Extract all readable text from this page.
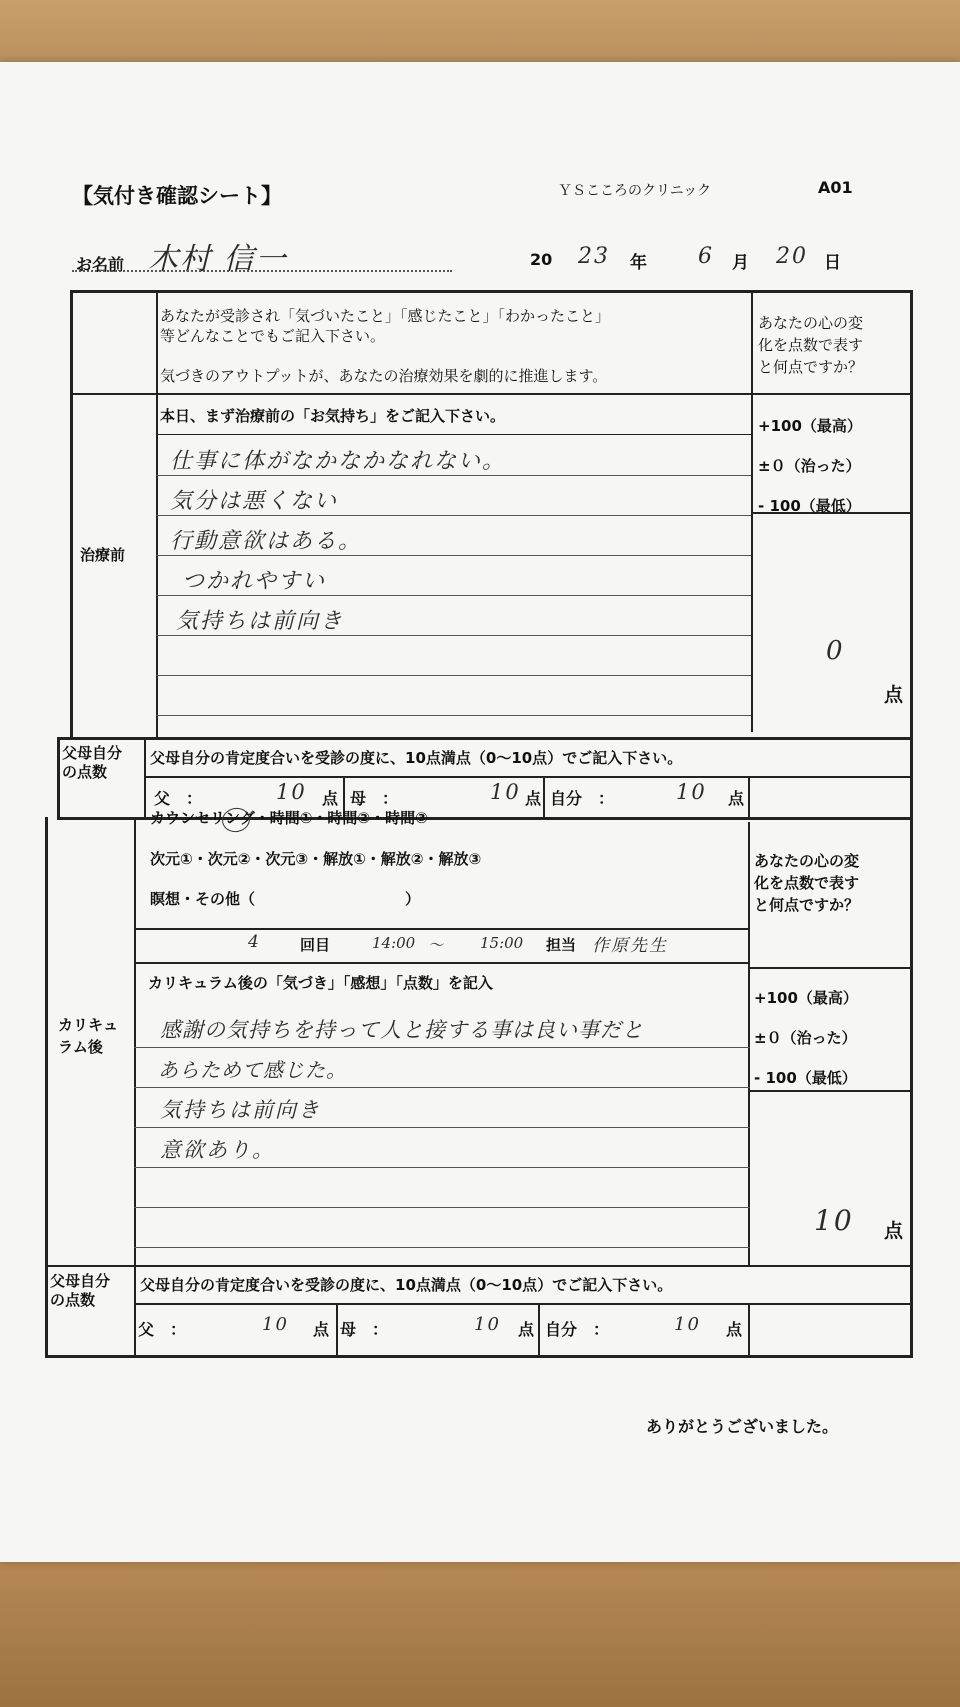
【気付き確認シート】	ＹＳこころのクリニック	A01
お名前 木村 信一	20 23 年 6 月 20 日
あなたが受診され「気づいたこと」「感じたこと」「わかったこと」
等どんなことでもご記入下さい。
気づきのアウトプットが、あなたの治療効果を劇的に推進します。
あなたの心の変
化を点数で表す
と何点ですか？
治療前
本日、まず治療前の「お気持ち」をご記入下さい。
仕事に体がなかなかなれない。
気分は悪くない
行動意欲はある。
つかれやすい
気持ちは前向き
+100（最高）
±０（治った）
- 100（最低）
0
点
父母自分
の点数
父母自分の肯定度合いを受診の度に、10点満点（0〜10点）でご記入下さい。
父　：	10 点 母　：	10 点 自分　：	10 点
カリキュ
ラム後
カウンセリング・時間①・時間②・時間③
次元①・次元②・次元③・解放①・解放②・解放③
瞑想・その他（　　　　　　　　　　）
4	回目	14:00 〜 15:00 担当 作原先生
カリキュラム後の「気づき」「感想」「点数」を記入
感謝の気持ちを持って人と接する事は良い事だと
あらためて感じた。
気持ちは前向き
意欲あり。
あなたの心の変
化を点数で表す
と何点ですか？
+100（最高）
±０（治った）
- 100（最低）
10 点
父母自分
の点数
父母自分の肯定度合いを受診の度に、10点満点（0〜10点）でご記入下さい。
父　：	10 点 母　：	10 点 自分　：	10 点
ありがとうございました。
